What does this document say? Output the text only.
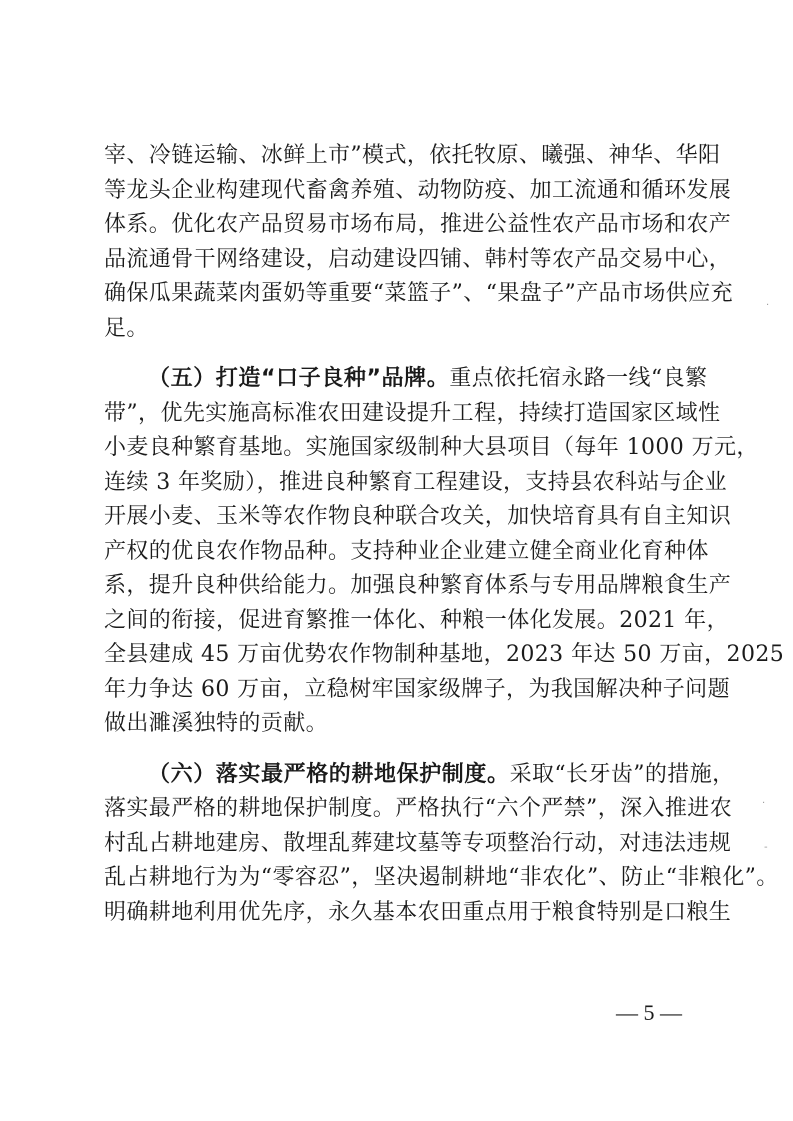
宰、冷链运输、冰鲜上市”模式，依托牧原、曦强、神华、华阳
等龙头企业构建现代畜禽养殖、动物防疫、加工流通和循环发展
体系。优化农产品贸易市场布局，推进公益性农产品市场和农产
品流通骨干网络建设，启动建设四铺、韩村等农产品交易中心，
确保瓜果蔬菜肉蛋奶等重要“菜篮子”、“果盘子”产品市场供应充
足。
（五）打造“口子良种”品牌。重点依托宿永路一线“良繁
带”，优先实施高标准农田建设提升工程，持续打造国家区域性
小麦良种繁育基地。实施国家级制种大县项目（每年 1000 万元，
连续 3 年奖励），推进良种繁育工程建设，支持县农科站与企业
开展小麦、玉米等农作物良种联合攻关，加快培育具有自主知识
产权的优良农作物品种。支持种业企业建立健全商业化育种体
系，提升良种供给能力。加强良种繁育体系与专用品牌粮食生产
之间的衔接，促进育繁推一体化、种粮一体化发展。2021 年，
全县建成 45 万亩优势农作物制种基地，2023 年达 50 万亩，2025
年力争达 60 万亩，立稳树牢国家级牌子，为我国解决种子问题
做出濉溪独特的贡献。
（六）落实最严格的耕地保护制度。采取“长牙齿”的措施，
落实最严格的耕地保护制度。严格执行“六个严禁”，深入推进农
村乱占耕地建房、散埋乱葬建坟墓等专项整治行动，对违法违规
乱占耕地行为为“零容忍”，坚决遏制耕地“非农化”、防止“非粮化”。
明确耕地利用优先序，永久基本农田重点用于粮食特别是口粮生
— 5 —
·
·
-
